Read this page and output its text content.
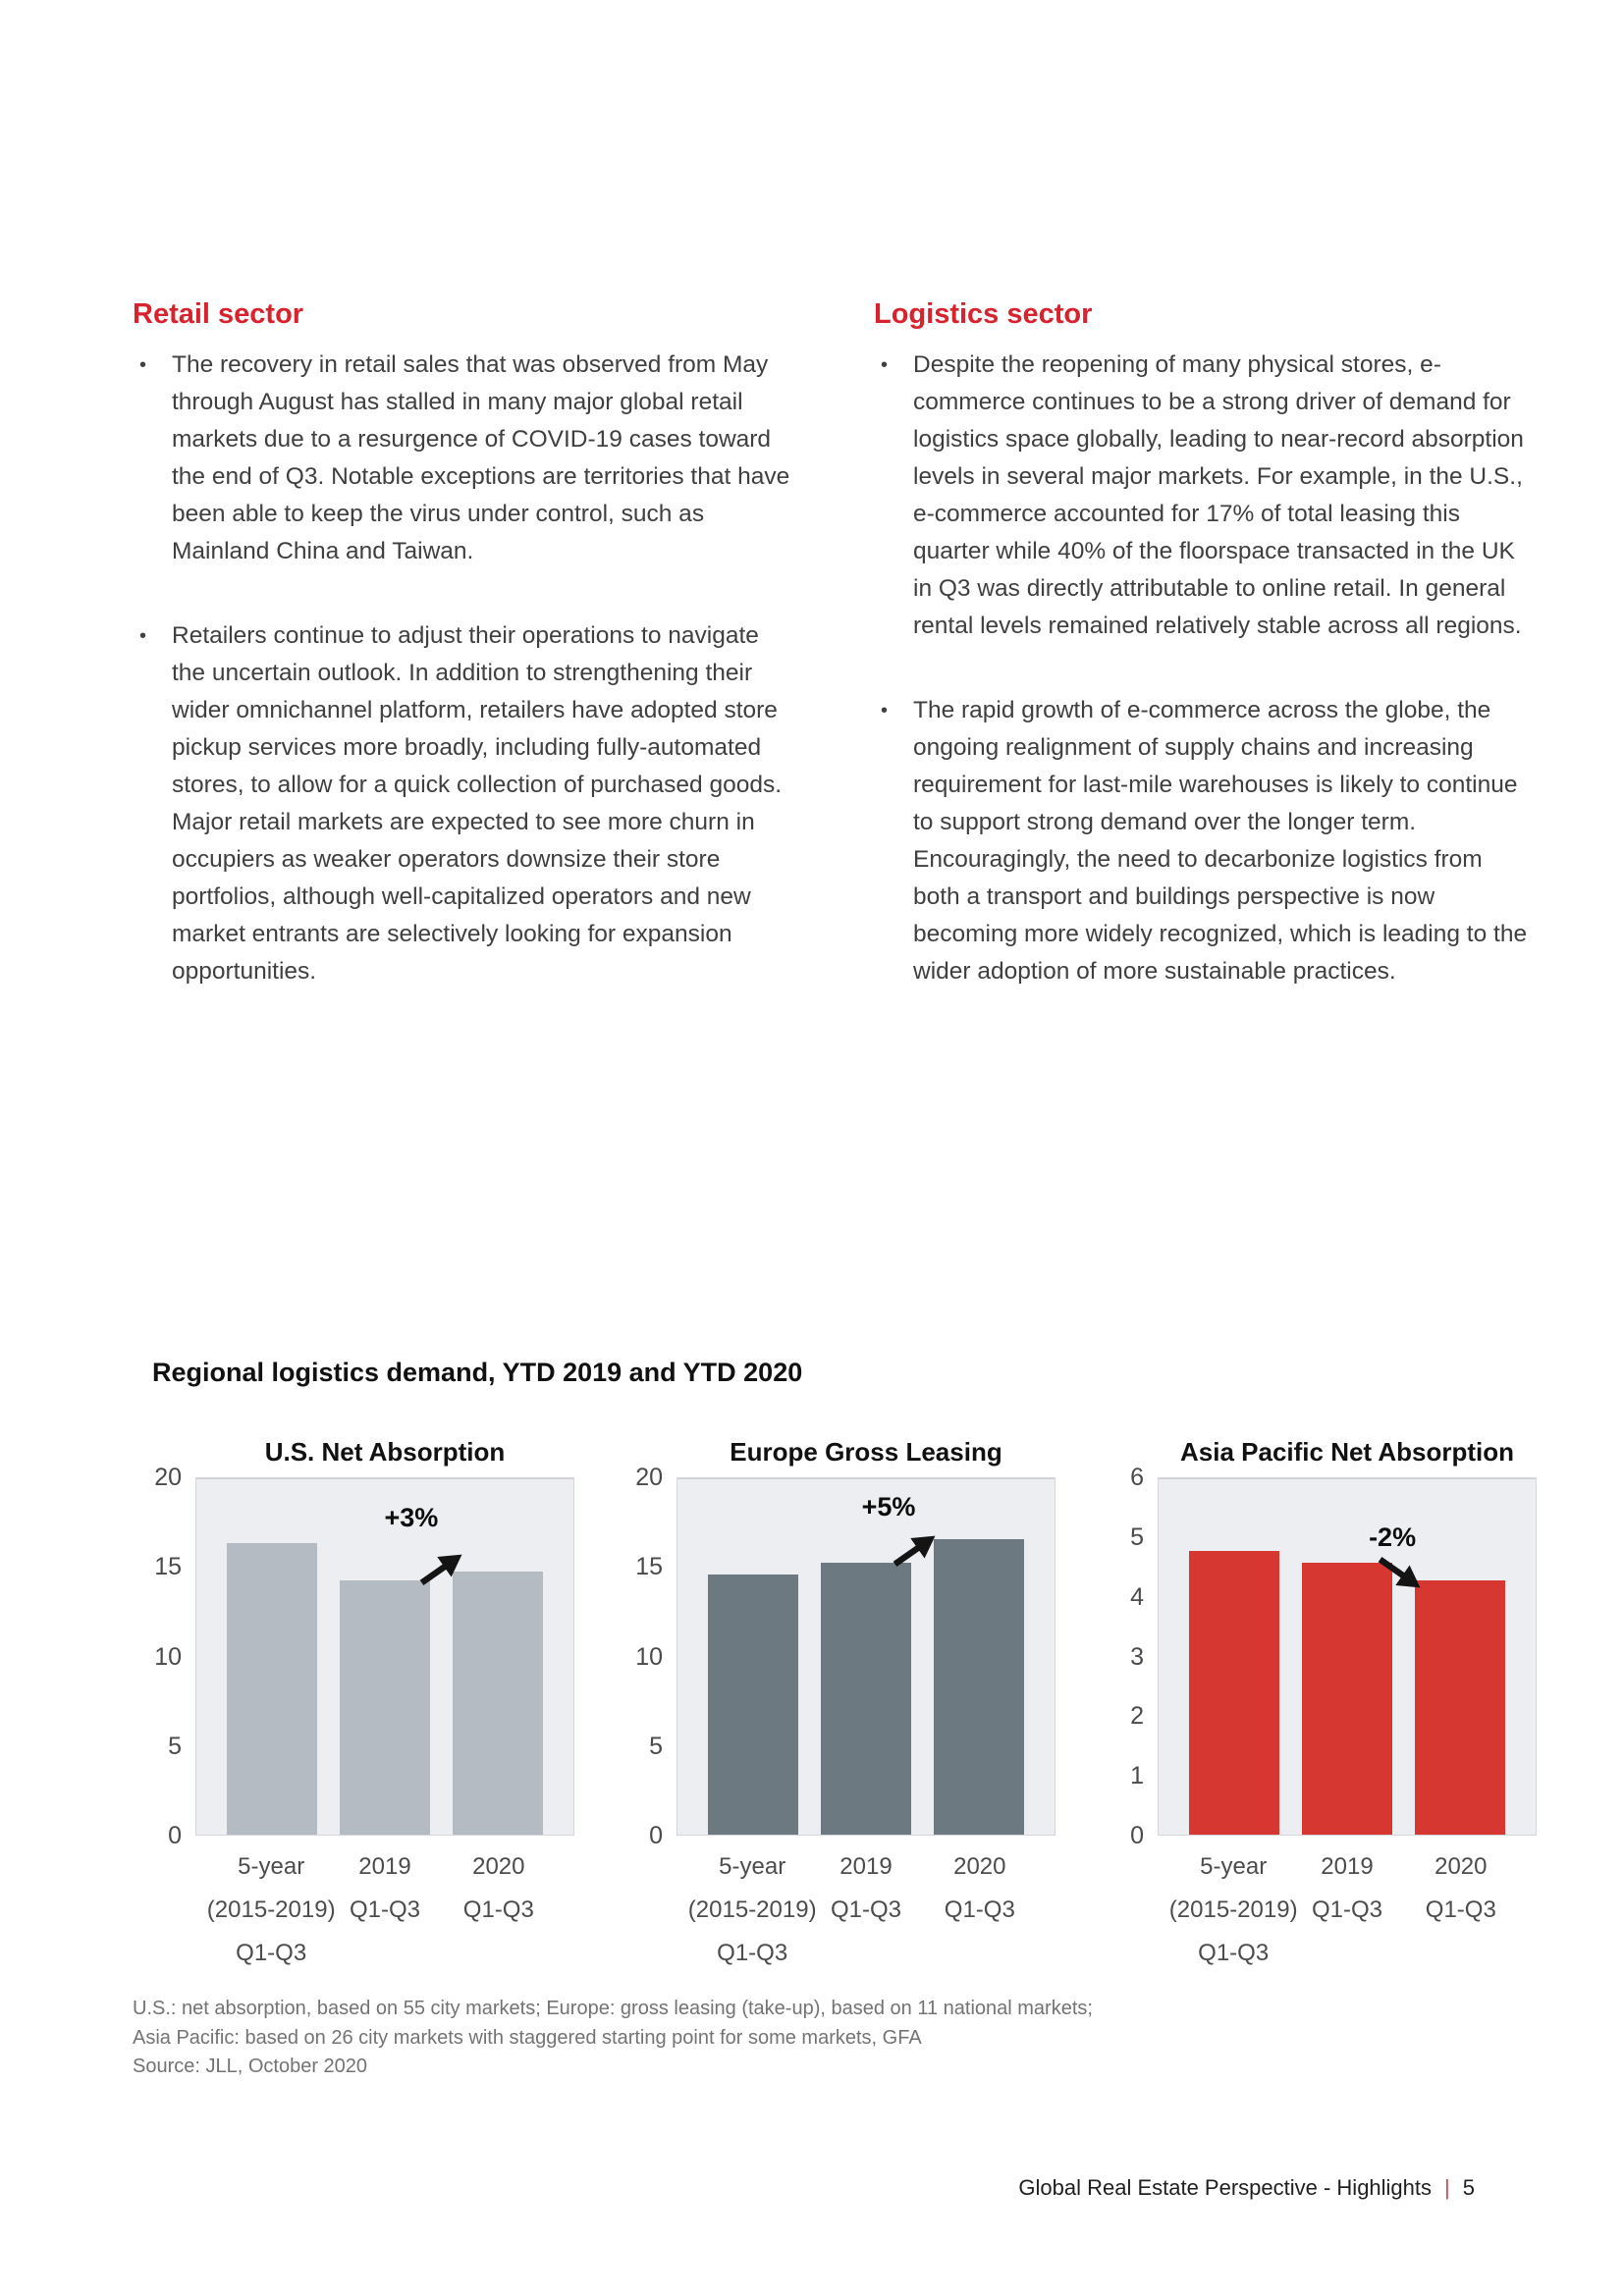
Retail sector
• The recovery in retail sales that was observed from May through August has stalled in many major global retail markets due to a resurgence of COVID-19 cases toward the end of Q3. Notable exceptions are territories that have been able to keep the virus under control, such as Mainland China and Taiwan.
• Retailers continue to adjust their operations to navigate the uncertain outlook. In addition to strengthening their wider omnichannel platform, retailers have adopted store pickup services more broadly, including fully-automated stores, to allow for a quick collection of purchased goods. Major retail markets are expected to see more churn in occupiers as weaker operators downsize their store portfolios, although well-capitalized operators and new market entrants are selectively looking for expansion opportunities.
Logistics sector
• Despite the reopening of many physical stores, e-commerce continues to be a strong driver of demand for logistics space globally, leading to near-record absorption levels in several major markets. For example, in the U.S., e-commerce accounted for 17% of total leasing this quarter while 40% of the floorspace transacted in the UK in Q3 was directly attributable to online retail. In general rental levels remained relatively stable across all regions.
• The rapid growth of e-commerce across the globe, the ongoing realignment of supply chains and increasing requirement for last-mile warehouses is likely to continue to support strong demand over the longer term. Encouragingly, the need to decarbonize logistics from both a transport and buildings perspective is now becoming more widely recognized, which is leading to the wider adoption of more sustainable practices.
Regional logistics demand, YTD 2019 and YTD 2020
U.S. Net Absorption
0
5
10
15
20
+3%
5-year
(2015-2019)
Q1-Q3
2019
Q1-Q3
2020
Q1-Q3
Europe Gross Leasing
0
5
10
15
20
+5%
5-year
(2015-2019)
Q1-Q3
2019
Q1-Q3
2020
Q1-Q3
Asia Pacific Net Absorption
0
1
2
3
4
5
6
-2%
5-year
(2015-2019)
Q1-Q3
2019
Q1-Q3
2020
Q1-Q3
U.S.: net absorption, based on 55 city markets; Europe: gross leasing (take-up), based on 11 national markets;
Asia Pacific: based on 26 city markets with staggered starting point for some markets, GFA
Source: JLL, October 2020
Global Real Estate Perspective - Highlights | 5
